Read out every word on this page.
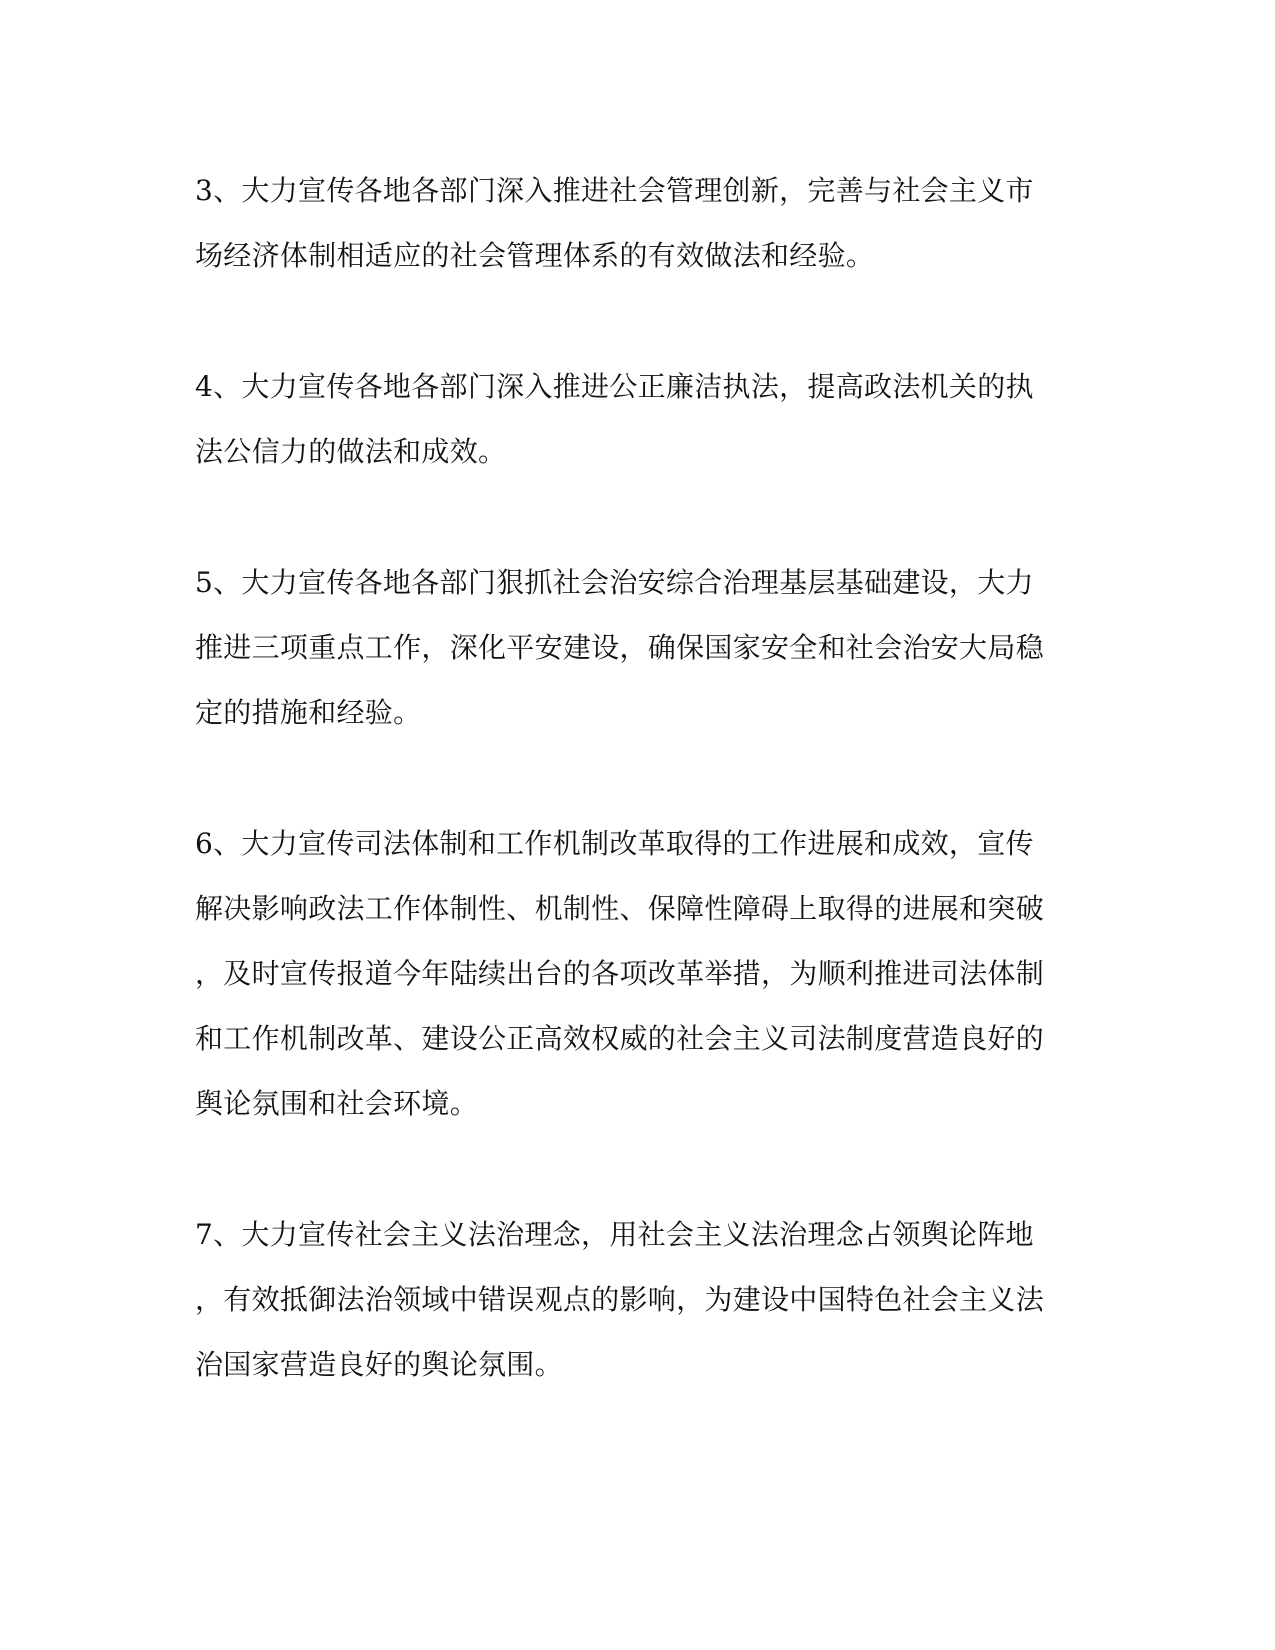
3、大力宣传各地各部门深入推进社会管理创新，完善与社会主义市
场经济体制相适应的社会管理体系的有效做法和经验。
4、大力宣传各地各部门深入推进公正廉洁执法，提高政法机关的执
法公信力的做法和成效。
5、大力宣传各地各部门狠抓社会治安综合治理基层基础建设，大力
推进三项重点工作，深化平安建设，确保国家安全和社会治安大局稳
定的措施和经验。
6、大力宣传司法体制和工作机制改革取得的工作进展和成效，宣传
解决影响政法工作体制性、机制性、保障性障碍上取得的进展和突破
，及时宣传报道今年陆续出台的各项改革举措，为顺利推进司法体制
和工作机制改革、建设公正高效权威的社会主义司法制度营造良好的
舆论氛围和社会环境。
7、大力宣传社会主义法治理念，用社会主义法治理念占领舆论阵地
，有效抵御法治领域中错误观点的影响，为建设中国特色社会主义法
治国家营造良好的舆论氛围。
